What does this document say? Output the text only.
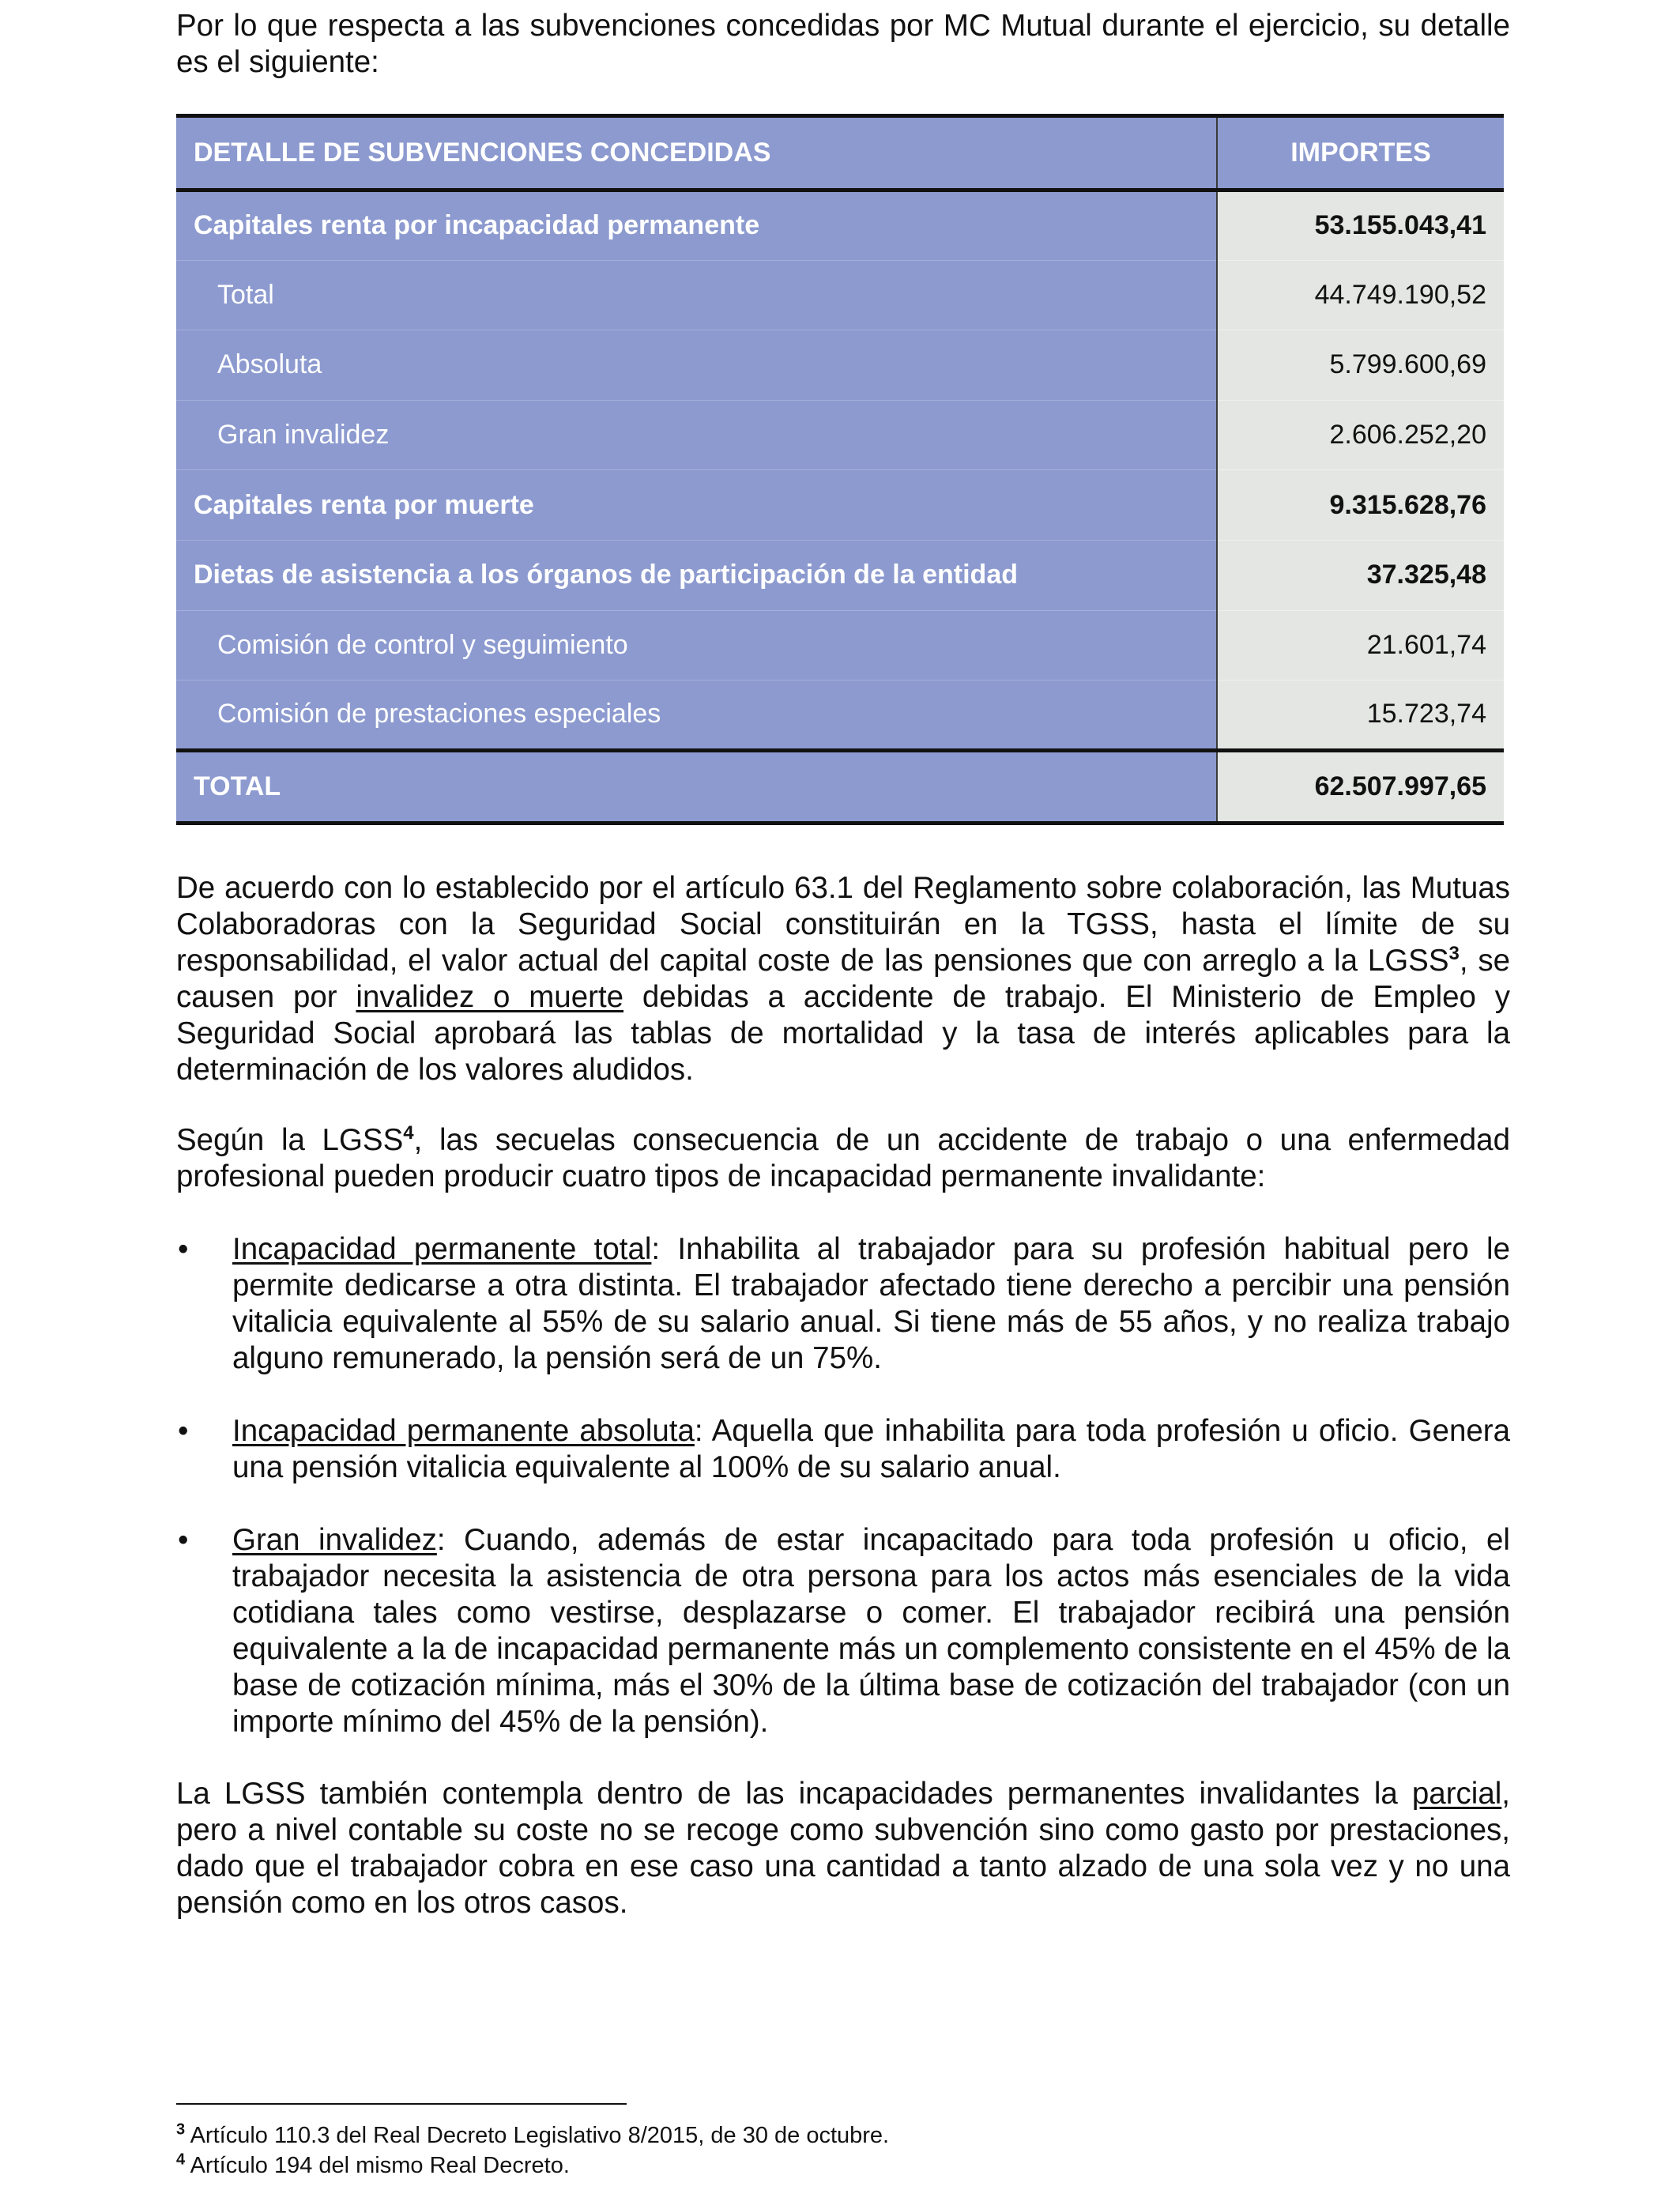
Por lo que respecta a las subvenciones concedidas por MC Mutual durante el ejercicio, su detalle es el siguiente:

DETALLE DE SUBVENCIONES CONCEDIDAS	IMPORTES
Capitales renta por incapacidad permanente	53.155.043,41
Total	44.749.190,52
Absoluta	5.799.600,69
Gran invalidez	2.606.252,20
Capitales renta por muerte	9.315.628,76
Dietas de asistencia a los órganos de participación de la entidad	37.325,48
Comisión de control y seguimiento	21.601,74
Comisión de prestaciones especiales	15.723,74
TOTAL	62.507.997,65

De acuerdo con lo establecido por el artículo 63.1 del Reglamento sobre colaboración, las Mutuas Colaboradoras con la Seguridad Social constituirán en la TGSS, hasta el límite de su responsabilidad, el valor actual del capital coste de las pensiones que con arreglo a la LGSS$^3$, se causen por invalidez o muerte debidas a accidente de trabajo. El Ministerio de Empleo y Seguridad Social aprobará las tablas de mortalidad y la tasa de interés aplicables para la determinación de los valores aludidos.

Según la LGSS$^4$, las secuelas consecuencia de un accidente de trabajo o una enfermedad profesional pueden producir cuatro tipos de incapacidad permanente invalidante:

• Incapacidad permanente total: Inhabilita al trabajador para su profesión habitual pero le permite dedicarse a otra distinta. El trabajador afectado tiene derecho a percibir una pensión vitalicia equivalente al 55% de su salario anual. Si tiene más de 55 años, y no realiza trabajo alguno remunerado, la pensión será de un 75%.

• Incapacidad permanente absoluta: Aquella que inhabilita para toda profesión u oficio. Genera una pensión vitalicia equivalente al 100% de su salario anual.

• Gran invalidez: Cuando, además de estar incapacitado para toda profesión u oficio, el trabajador necesita la asistencia de otra persona para los actos más esenciales de la vida cotidiana tales como vestirse, desplazarse o comer. El trabajador recibirá una pensión equivalente a la de incapacidad permanente más un complemento consistente en el 45% de la base de cotización mínima, más el 30% de la última base de cotización del trabajador (con un importe mínimo del 45% de la pensión).

La LGSS también contempla dentro de las incapacidades permanentes invalidantes la parcial, pero a nivel contable su coste no se recoge como subvención sino como gasto por prestaciones, dado que el trabajador cobra en ese caso una cantidad a tanto alzado de una sola vez y no una pensión como en los otros casos.

$^3$ Artículo 110.3 del Real Decreto Legislativo 8/2015, de 30 de octubre.
$^4$ Artículo 194 del mismo Real Decreto.
